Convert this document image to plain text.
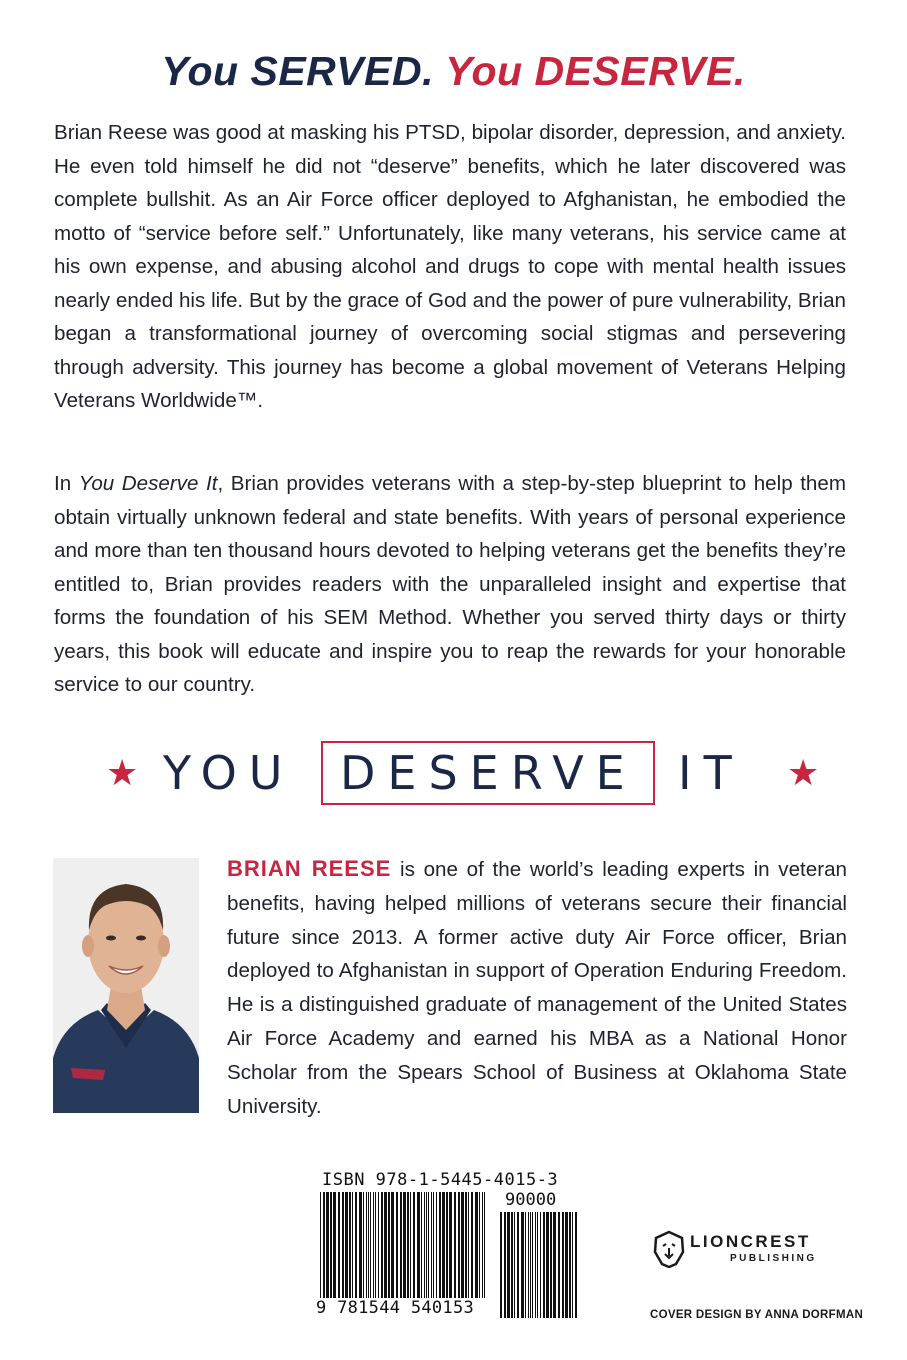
You SERVED. You DESERVE.

Brian Reese was good at masking his PTSD, bipolar disorder, depression, and anxiety. He even told himself he did not “deserve” benefits, which he later discovered was complete bullshit. As an Air Force officer deployed to Afghanistan, he embodied the motto of “service before self.” Unfortunately, like many veterans, his service came at his own expense, and abusing alcohol and drugs to cope with mental health issues nearly ended his life. But by the grace of God and the power of pure vulnerability, Brian began a transformational journey of overcoming social stigmas and persevering through adversity. This journey has become a global movement of Veterans Helping Veterans Worldwide™.

In You Deserve It, Brian provides veterans with a step-by-step blueprint to help them obtain virtually unknown federal and state benefits. With years of personal experience and more than ten thousand hours devoted to helping veterans get the benefits they’re entitled to, Brian provides readers with the unparalleled insight and expertise that forms the foundation of his SEM Method. Whether you served thirty days or thirty years, this book will educate and inspire you to reap the rewards for your honorable service to our country.

★ YOU DESERVE IT ★

BRIAN REESE is one of the world’s leading experts in veteran benefits, having helped millions of veterans secure their financial future since 2013. A former active duty Air Force officer, Brian deployed to Afghanistan in support of Operation Enduring Freedom. He is a distinguished graduate of management of the United States Air Force Academy and earned his MBA as a National Honor Scholar from the Spears School of Business at Oklahoma State University.

ISBN 978-1-5445-4015-3
90000
9 781544 540153
LIONCREST
PUBLISHING
COVER DESIGN BY ANNA DORFMAN
